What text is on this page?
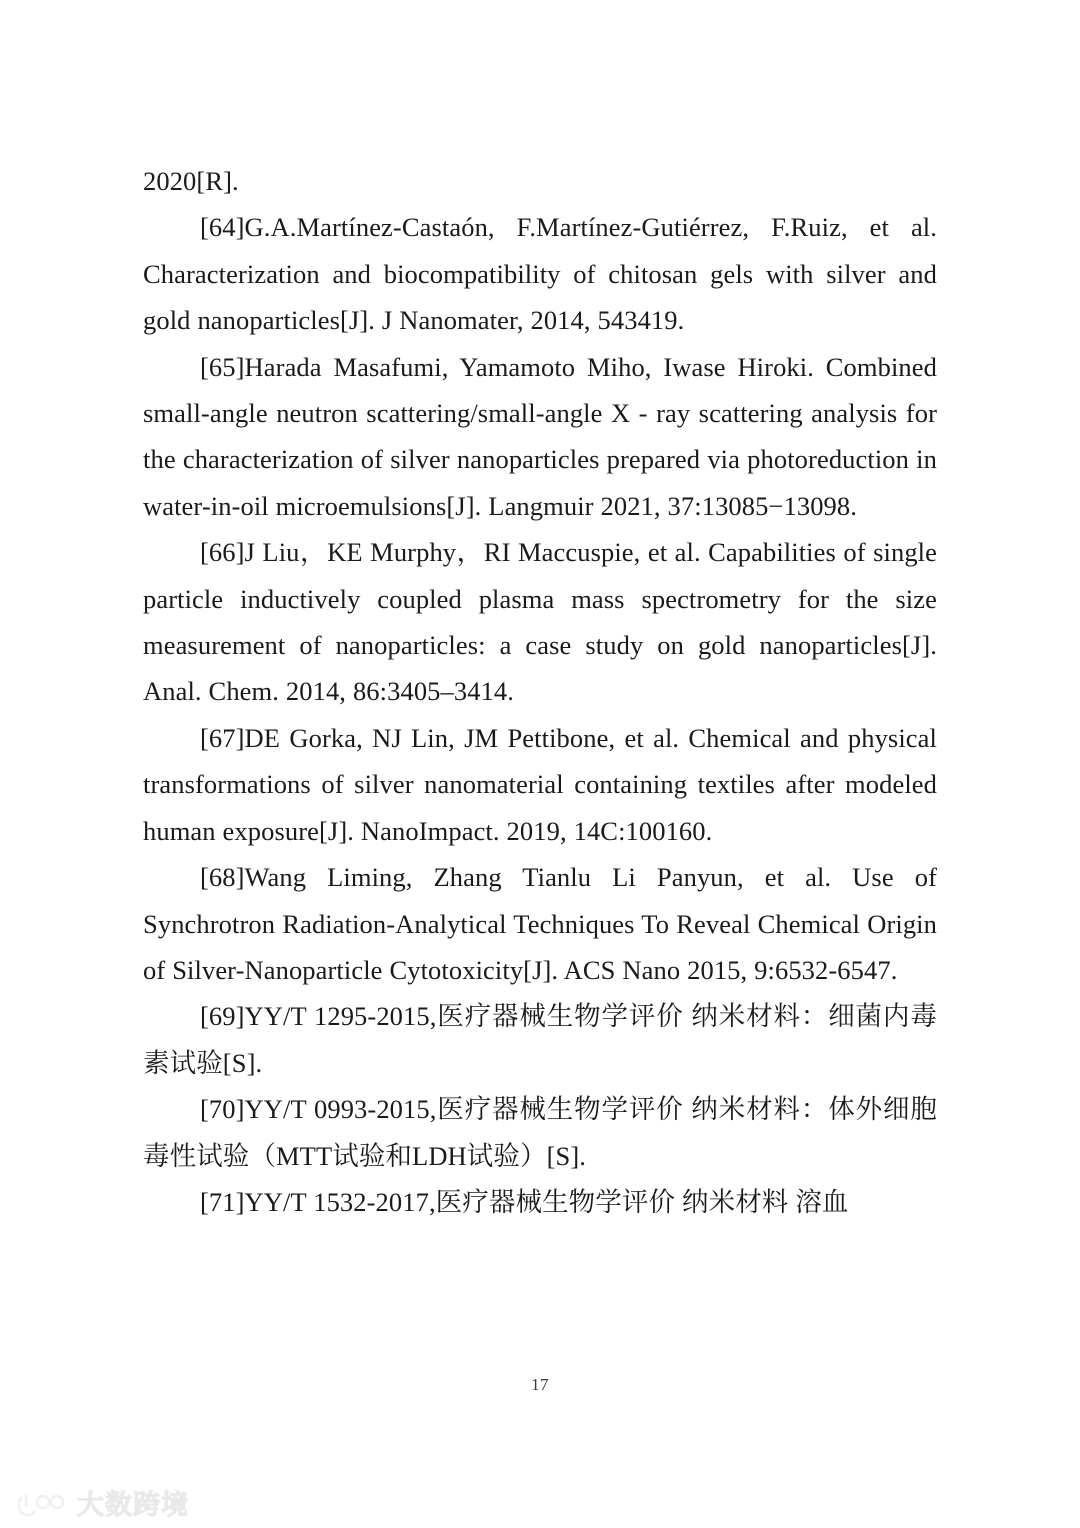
2020[R].

[64]G.A.Martínez-Castaón, F.Martínez-Gutiérrez, F.Ruiz, et al. Characterization and biocompatibility of chitosan gels with silver and gold nanoparticles[J]. J Nanomater, 2014, 543419.

[65]Harada Masafumi, Yamamoto Miho, Iwase Hiroki. Combined small-angle neutron scattering/small-angle X ‑ ray scattering analysis for the characterization of silver nanoparticles prepared via photoreduction in water-in-oil microemulsions[J]. Langmuir 2021, 37:13085−13098.

[66]J Liu，KE Murphy，RI Maccuspie, et al. Capabilities of single particle inductively coupled plasma mass spectrometry for the size measurement of nanoparticles: a case study on gold nanoparticles[J]. Anal. Chem. 2014, 86:3405–3414.

[67]DE Gorka, NJ Lin, JM Pettibone, et al. Chemical and physical transformations of silver nanomaterial containing textiles after modeled human exposure[J]. NanoImpact. 2019, 14C:100160.

[68]Wang Liming, Zhang Tianlu Li Panyun, et al. Use of Synchrotron Radiation-Analytical Techniques To Reveal Chemical Origin of Silver-Nanoparticle Cytotoxicity[J]. ACS Nano 2015, 9:6532-6547.

[69]YY/T 1295-2015,医疗器械生物学评价 纳米材料：细菌内毒素试验[S].

[70]YY/T 0993-2015,医疗器械生物学评价 纳米材料：体外细胞毒性试验（MTT试验和LDH试验）[S].

[71]YY/T 1532-2017,医疗器械生物学评价 纳米材料 溶血

17
大数跨境
